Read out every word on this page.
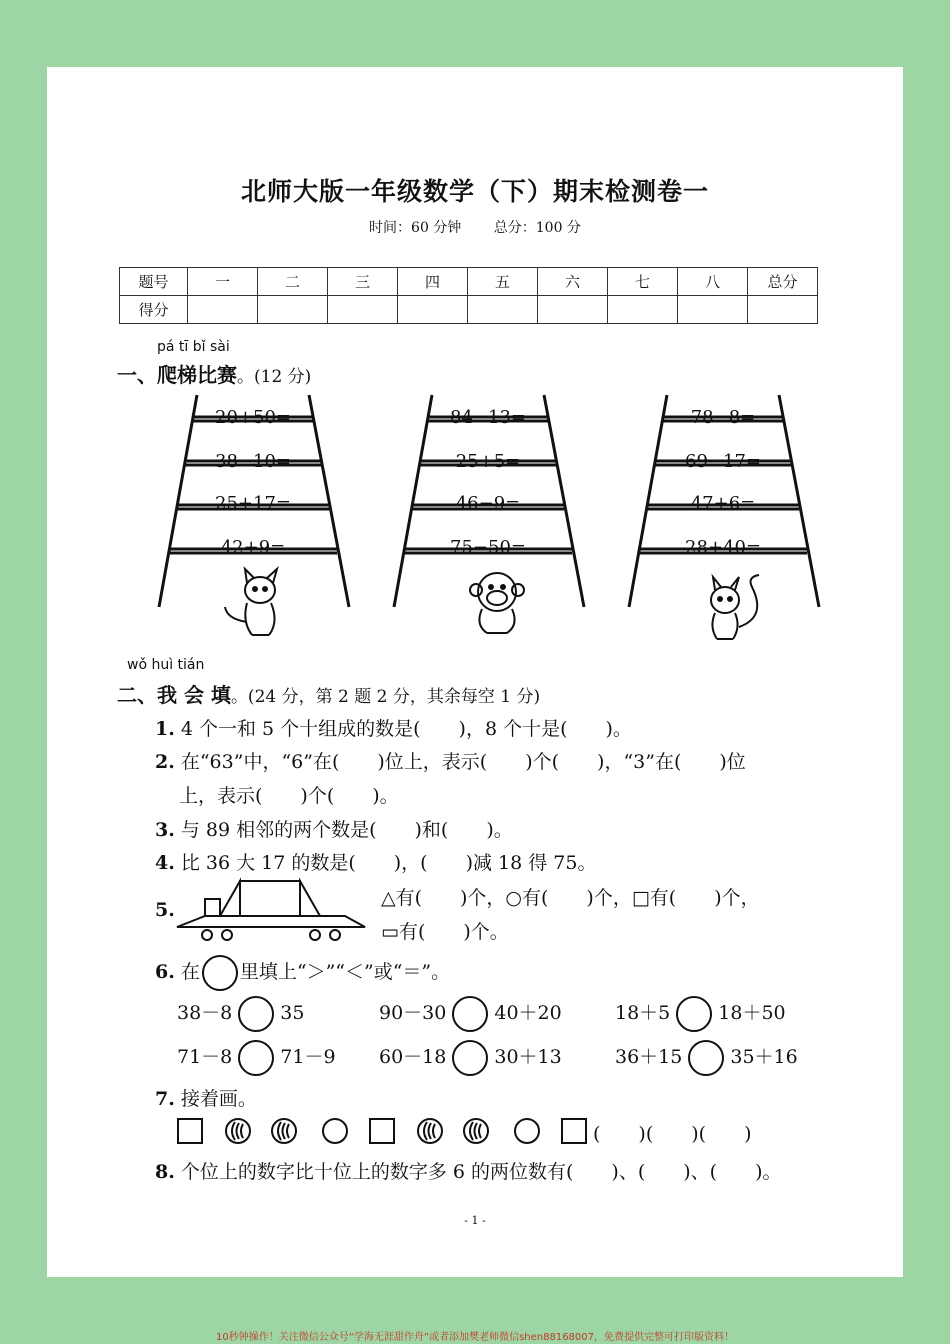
北师大版一年级数学（下）期末检测卷一
时间：60 分钟 总分：100 分
题号	一	二	三	四	五	六	七	八	总分
得分									
pá tī bǐ sài
一、爬梯比赛。(12 分)
20+50=
38−10=
25+17=
42+9=
84−13=
25+5=
46−9=
75−50=
78−8=
69−17=
47+6=
28+40=
wǒ huì tián
二、我 会 填。(24 分，第 2 题 2 分，其余每空 1 分)
1. 4 个一和 5 个十组成的数是(　　)，8 个十是(　　)。
2. 在“63”中，“6”在(　　)位上，表示(　　)个(　　)，“3”在(　　)位
上，表示(　　)个(　　)。
3. 与 89 相邻的两个数是(　　)和(　　)。
4. 比 36 大 17 的数是(　　)，(　　)减 18 得 75。
5.
△有(　　)个，○有(　　)个，□有(　　)个，
▭有(　　)个。
6. 在 里填上“＞”“＜”或“＝”。
38－8	35	90－30	40＋20	18＋5	18＋50
71－8	71－9 60－18	30＋13	36＋15	35＋16
7. 接着画。
(　　)(　　)(　　)
8. 个位上的数字比十位上的数字多 6 的两位数有(　　)、(　　)、(　　)。
- 1 -
10秒钟操作！关注微信公众号“学海无涯甜作舟”或者添加樊老师微信shen88168007，免费提供完整可打印版资料！
